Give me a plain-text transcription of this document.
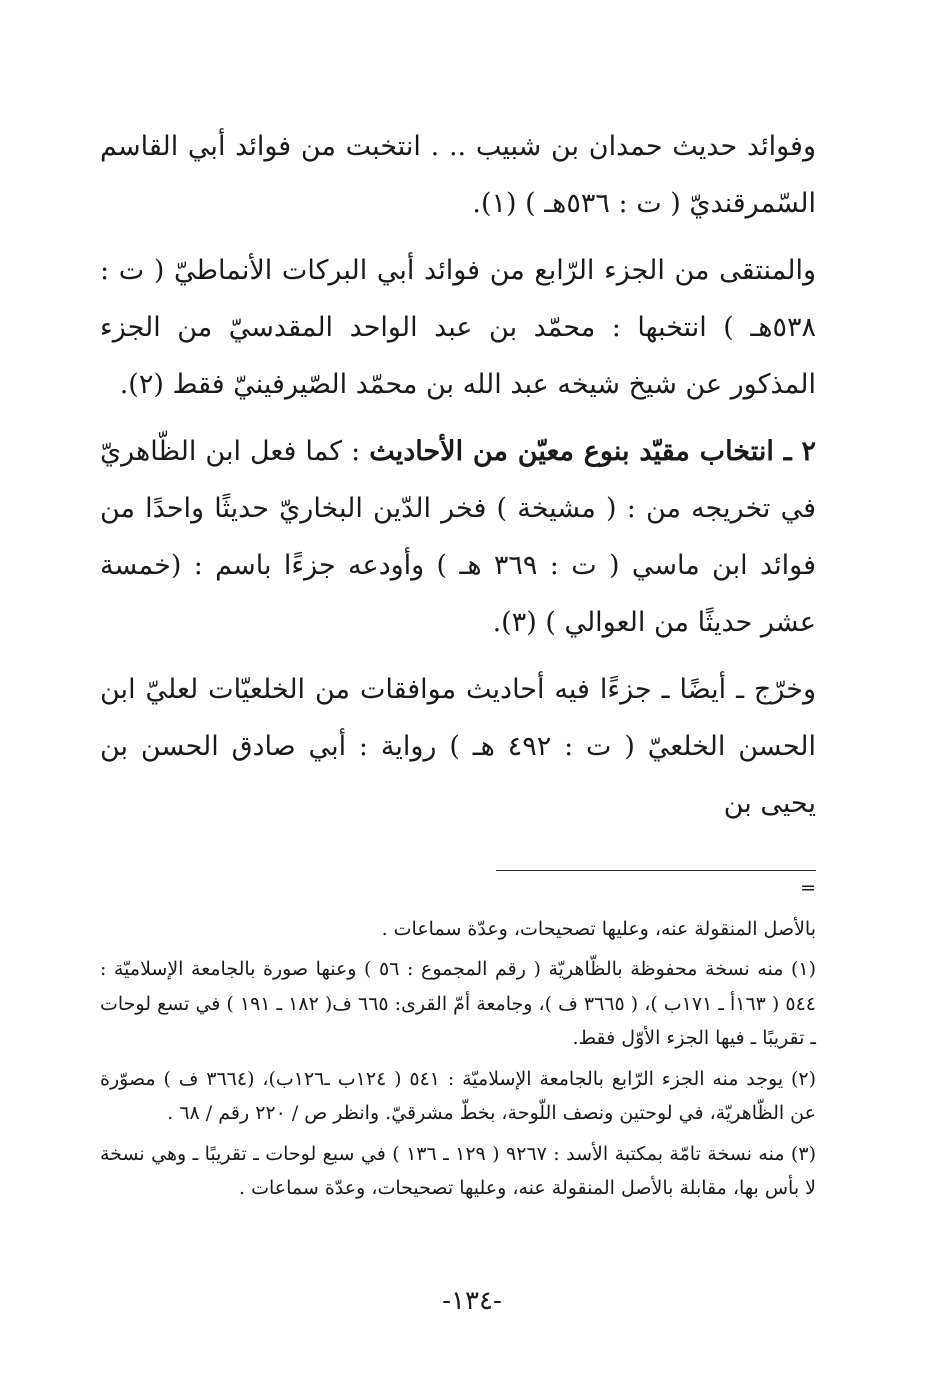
وفوائد حديث حمدان بن شبيب .. . انتخبت من فوائد أبي القاسم السّمرقنديّ ( ت : ٥٣٦هـ ) (١).

والمنتقى من الجزء الرّابع من فوائد أبي البركات الأنماطيّ ( ت : ٥٣٨هـ ) انتخبها : محمّد بن عبد الواحد المقدسيّ من الجزء المذكور عن شيخ شيخه عبد الله بن محمّد الصّيرفينيّ فقط (٢).

٢ ـ انتخاب مقيّد بنوع معيّن من الأحاديث : كما فعل ابن الظّاهريّ في تخريجه من : ( مشيخة ) فخر الدّين البخاريّ حديثًا واحدًا من فوائد ابن ماسي ( ت : ٣٦٩ هـ ) وأودعه جزءًا باسم : (خمسة عشر حديثًا من العوالي ) (٣).

وخرّج ـ أيضًا ـ جزءًا فيه أحاديث موافقات من الخلعيّات لعليّ ابن الحسن الخلعيّ ( ت : ٤٩٢ هـ ) رواية : أبي صادق الحسن بن يحيى بن

=

بالأصل المنقولة عنه، وعليها تصحيحات، وعدّة سماعات .

(١) منه نسخة محفوظة بالظّاهريّة ( رقم المجموع : ٥٦ ) وعنها صورة بالجامعة الإسلاميّة : ٥٤٤ ( ١٦٣أ ـ ١٧١ب )، ( ٣٦٦٥ ف )، وجامعة أمّ القرى: ٦٦٥ ف( ١٨٢ ـ ١٩١ ) في تسع لوحات ـ تقريبًا ـ فيها الجزء الأوّل فقط.

(٢) يوجد منه الجزء الرّابع بالجامعة الإسلاميّة : ٥٤١ ( ١٢٤ب ـ١٢٦ب)، (٣٦٦٤ ف ) مصوّرة عن الظّاهريّة، في لوحتين ونصف اللّوحة، بخطّ مشرقيّ. وانظر ص / ٢٢٠ رقم / ٦٨ .

(٣) منه نسخة تامّة بمكتبة الأسد : ٩٢٦٧ ( ١٢٩ ـ ١٣٦ ) في سبع لوحات ـ تقريبًا ـ وهي نسخة لا بأس بها، مقابلة بالأصل المنقولة عنه، وعليها تصحيحات، وعدّة سماعات .

-١٣٤-
